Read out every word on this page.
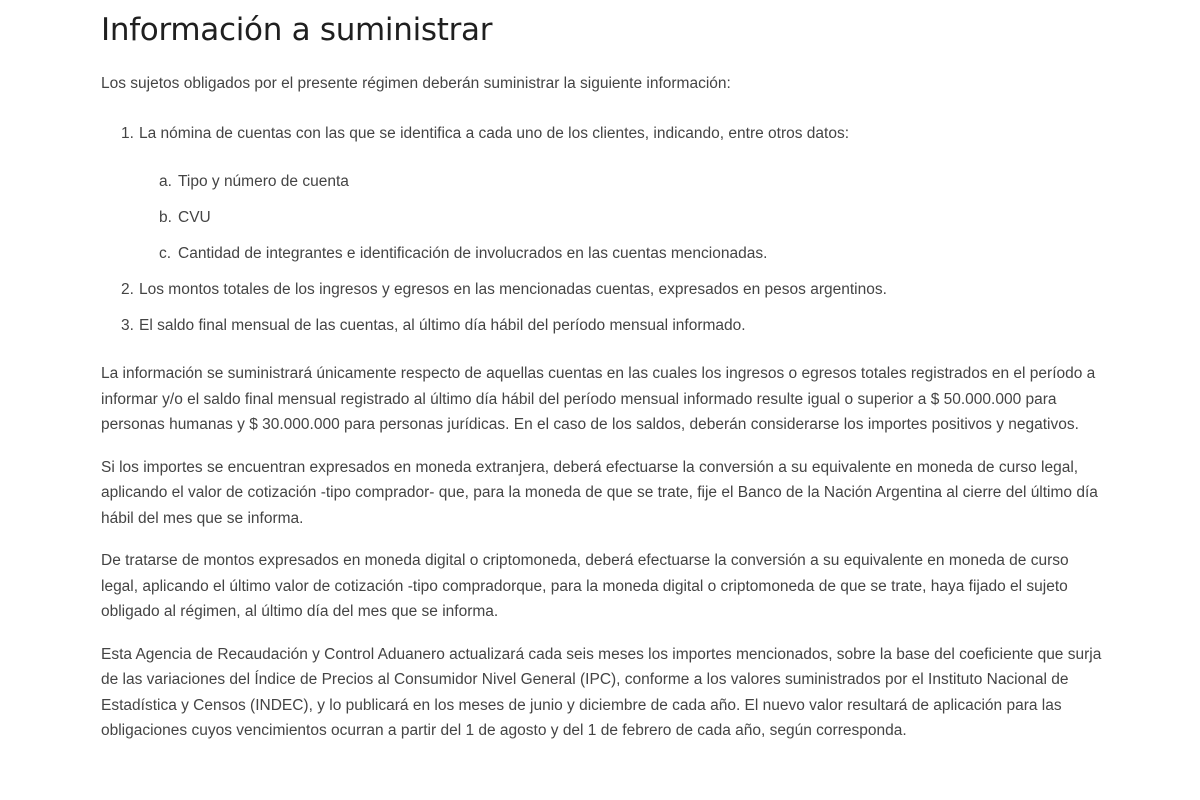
Información a suministrar

Los sujetos obligados por el presente régimen deberán suministrar la siguiente información:

1. La nómina de cuentas con las que se identifica a cada uno de los clientes, indicando, entre otros datos:
a. Tipo y número de cuenta
b. CVU
c. Cantidad de integrantes e identificación de involucrados en las cuentas mencionadas.
2. Los montos totales de los ingresos y egresos en las mencionadas cuentas, expresados en pesos argentinos.
3. El saldo final mensual de las cuentas, al último día hábil del período mensual informado.

La información se suministrará únicamente respecto de aquellas cuentas en las cuales los ingresos o egresos totales registrados en el período a informar y/o el saldo final mensual registrado al último día hábil del período mensual informado resulte igual o superior a $ 50.000.000 para personas humanas y $ 30.000.000 para personas jurídicas. En el caso de los saldos, deberán considerarse los importes positivos y negativos.

Si los importes se encuentran expresados en moneda extranjera, deberá efectuarse la conversión a su equivalente en moneda de curso legal, aplicando el valor de cotización -tipo comprador- que, para la moneda de que se trate, fije el Banco de la Nación Argentina al cierre del último día hábil del mes que se informa.

De tratarse de montos expresados en moneda digital o criptomoneda, deberá efectuarse la conversión a su equivalente en moneda de curso legal, aplicando el último valor de cotización -tipo compradorque, para la moneda digital o criptomoneda de que se trate, haya fijado el sujeto obligado al régimen, al último día del mes que se informa.

Esta Agencia de Recaudación y Control Aduanero actualizará cada seis meses los importes mencionados, sobre la base del coeficiente que surja de las variaciones del Índice de Precios al Consumidor Nivel General (IPC), conforme a los valores suministrados por el Instituto Nacional de Estadística y Censos (INDEC), y lo publicará en los meses de junio y diciembre de cada año. El nuevo valor resultará de aplicación para las obligaciones cuyos vencimientos ocurran a partir del 1 de agosto y del 1 de febrero de cada año, según corresponda.
